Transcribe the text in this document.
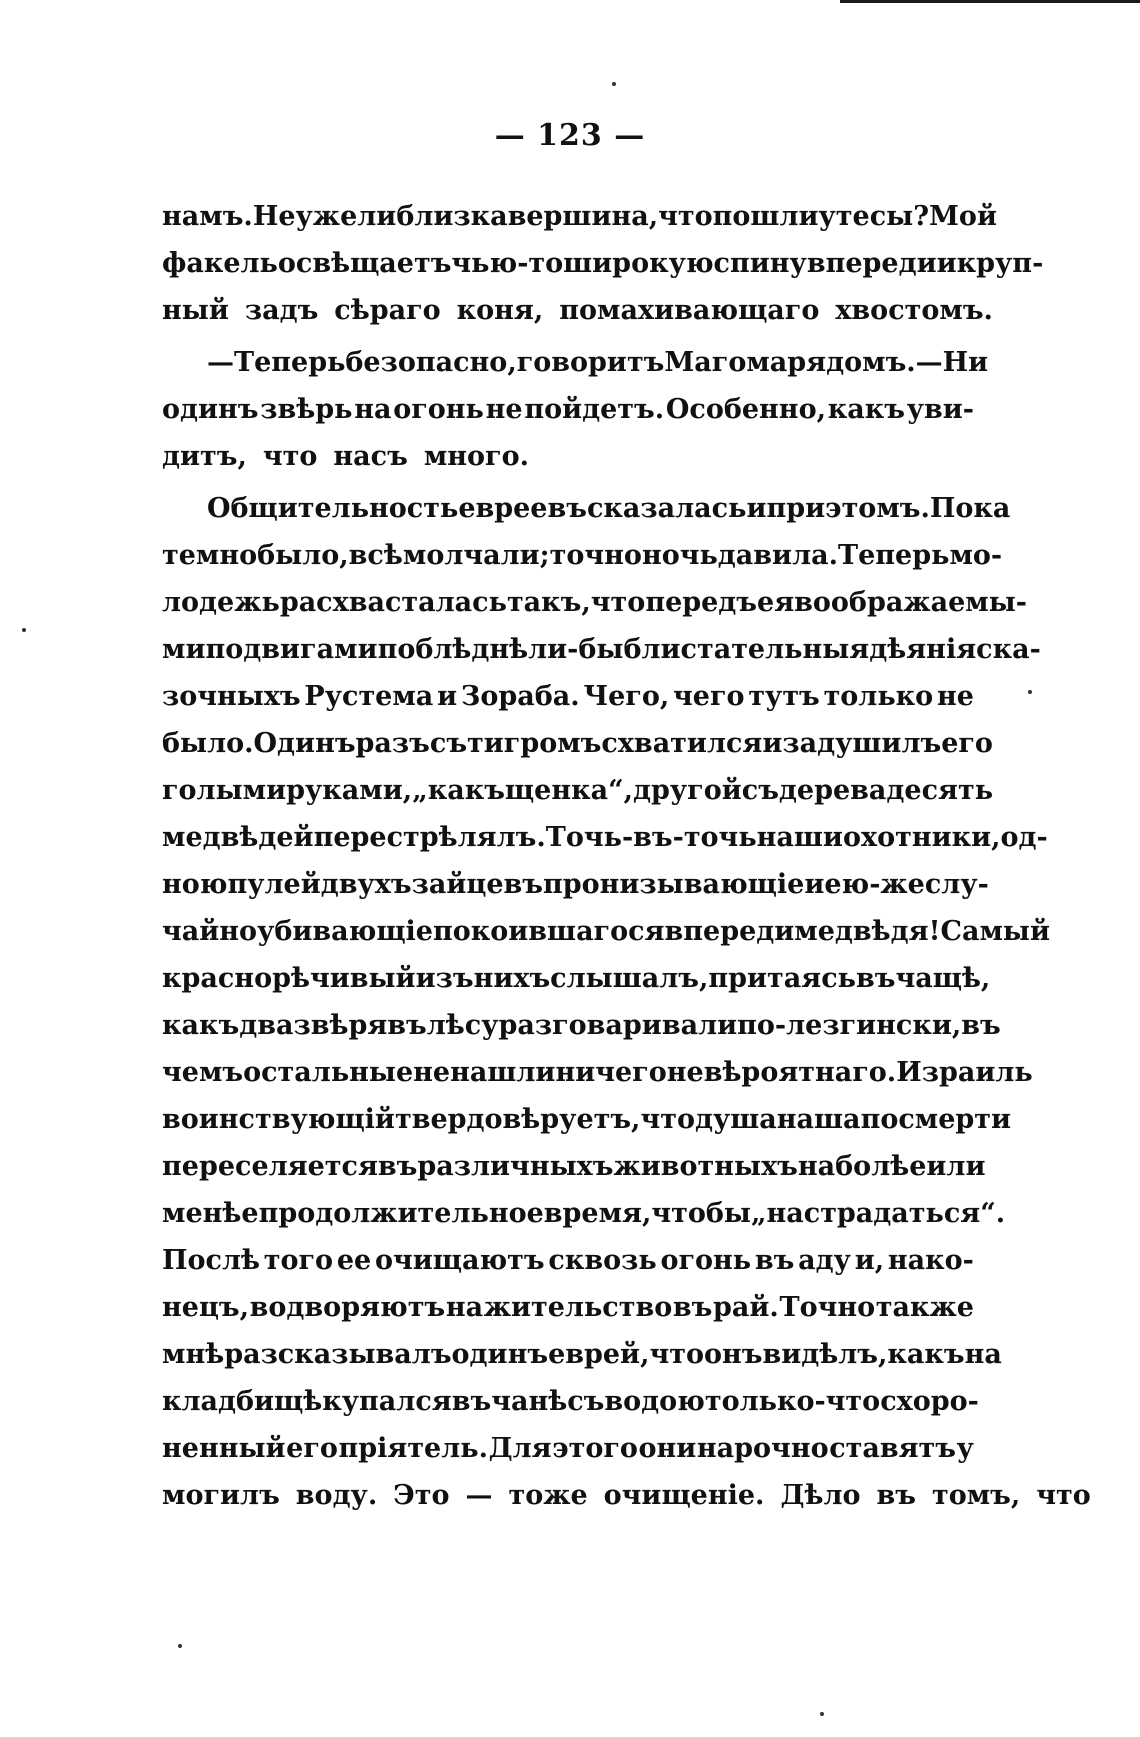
— 123 —
намъ. Неужели близка вершина, что пошли утесы? Мой
факель освѣщаетъ чью-то широкую спину впереди и круп-
ный задъ сѣраго коня, помахивающаго хвостомъ.
— Теперь безопасно, говоритъ Магома рядомъ.—Ни
одинъ звѣрь на огонь не пойдетъ. Особенно, какъ уви-
дитъ, что насъ много.
Общительность евреевъ сказалась и при этомъ. Пока
темно было, всѣ молчали; точно ночь давила. Теперь мо-
лодежь расхвасталась такъ, что передъ ея воображаемы-
ми подвигами поблѣднѣли-бы блистательныя дѣянія ска-
зочныхъ Рустема и Зораба. Чего, чего тутъ только не
было. Одинъ разъ съ тигромъ схватился и задушилъ его
голыми руками, „какъ щенка“, другой съ дерева десять
медвѣдей перестрѣлялъ. Точь-въ-точь наши охотники, од-
ною пулей двухъ зайцевъ пронизывающіе и ею-же слу-
чайно убивающіе покоившагося впереди медвѣдя! Самый
краснорѣчивый изъ нихъ слышалъ, притаясь въ чащѣ,
какъ два звѣря въ лѣсу разговаривали по-лезгински, въ
чемъ остальные не нашли ничего невѣроятнаго. Израиль
воинствующій твердо вѣруетъ, что душа наша по смерти
переселяется въ различныхъ животныхъ на болѣе или
менѣе продолжительное время, чтобы „настрадаться“.
Послѣ того ее очищаютъ сквозь огонь въ аду и, нако-
нецъ, водворяютъ на жительство въ рай. Точно также
мнѣ разсказывалъ одинъ еврей, что онъ видѣлъ, какъ на
кладбищѣ купался въ чанѣ съ водою только-что схоро-
ненный его пріятель. Для этого они нарочно ставятъ у
могилъ воду. Это — тоже очищеніе. Дѣло въ томъ, что
